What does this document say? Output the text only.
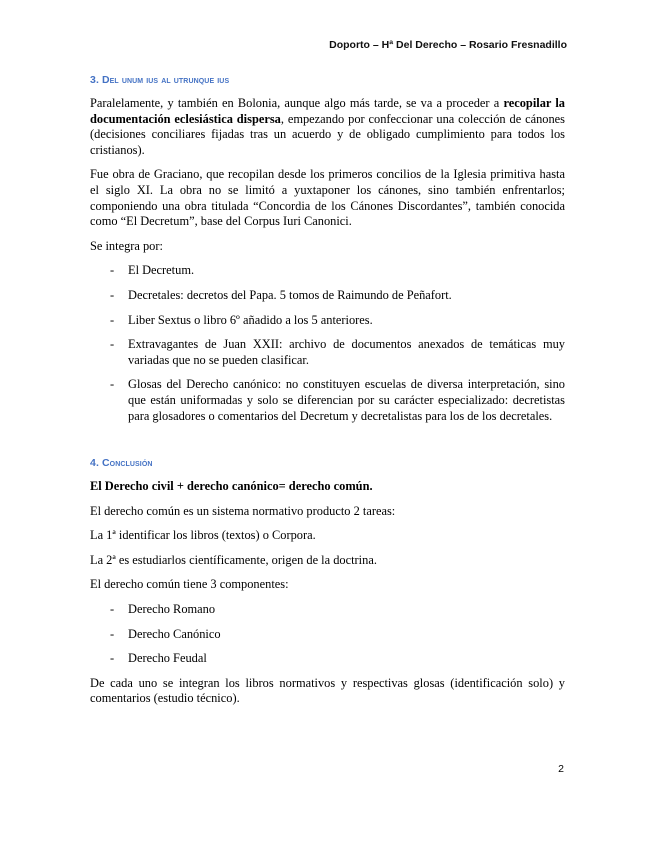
Doporto – Hª Del Derecho – Rosario Fresnadillo
3. Del unum ius al utrunque ius

Paralelamente, y también en Bolonia, aunque algo más tarde, se va a proceder a recopilar la documentación eclesiástica dispersa, empezando por confeccionar una colección de cánones (decisiones conciliares fijadas tras un acuerdo y de obligado cumplimiento para todos los cristianos).

Fue obra de Graciano, que recopilan desde los primeros concilios de la Iglesia primitiva hasta el siglo XI. La obra no se limitó a yuxtaponer los cánones, sino también enfrentarlos; componiendo una obra titulada “Concordia de los Cánones Discordantes”, también conocida como “El Decretum”, base del Corpus Iuri Canonici.

Se integra por:

- El Decretum.
- Decretales: decretos del Papa. 5 tomos de Raimundo de Peñafort.
- Liber Sextus o libro 6º añadido a los 5 anteriores.
- Extravagantes de Juan XXII: archivo de documentos anexados de temáticas muy variadas que no se pueden clasificar.
- Glosas del Derecho canónico: no constituyen escuelas de diversa interpretación, sino que están uniformadas y solo se diferencian por su carácter especializado: decretistas para glosadores o comentarios del Decretum y decretalistas para los de los decretales.
4. Conclusión

El Derecho civil + derecho canónico= derecho común.

El derecho común es un sistema normativo producto 2 tareas:

La 1ª identificar los libros (textos) o Corpora.

La 2ª es estudiarlos científicamente, origen de la doctrina.

El derecho común tiene 3 componentes:

- Derecho Romano
- Derecho Canónico
- Derecho Feudal

De cada uno se integran los libros normativos y respectivas glosas (identificación solo) y comentarios (estudio técnico).

2
